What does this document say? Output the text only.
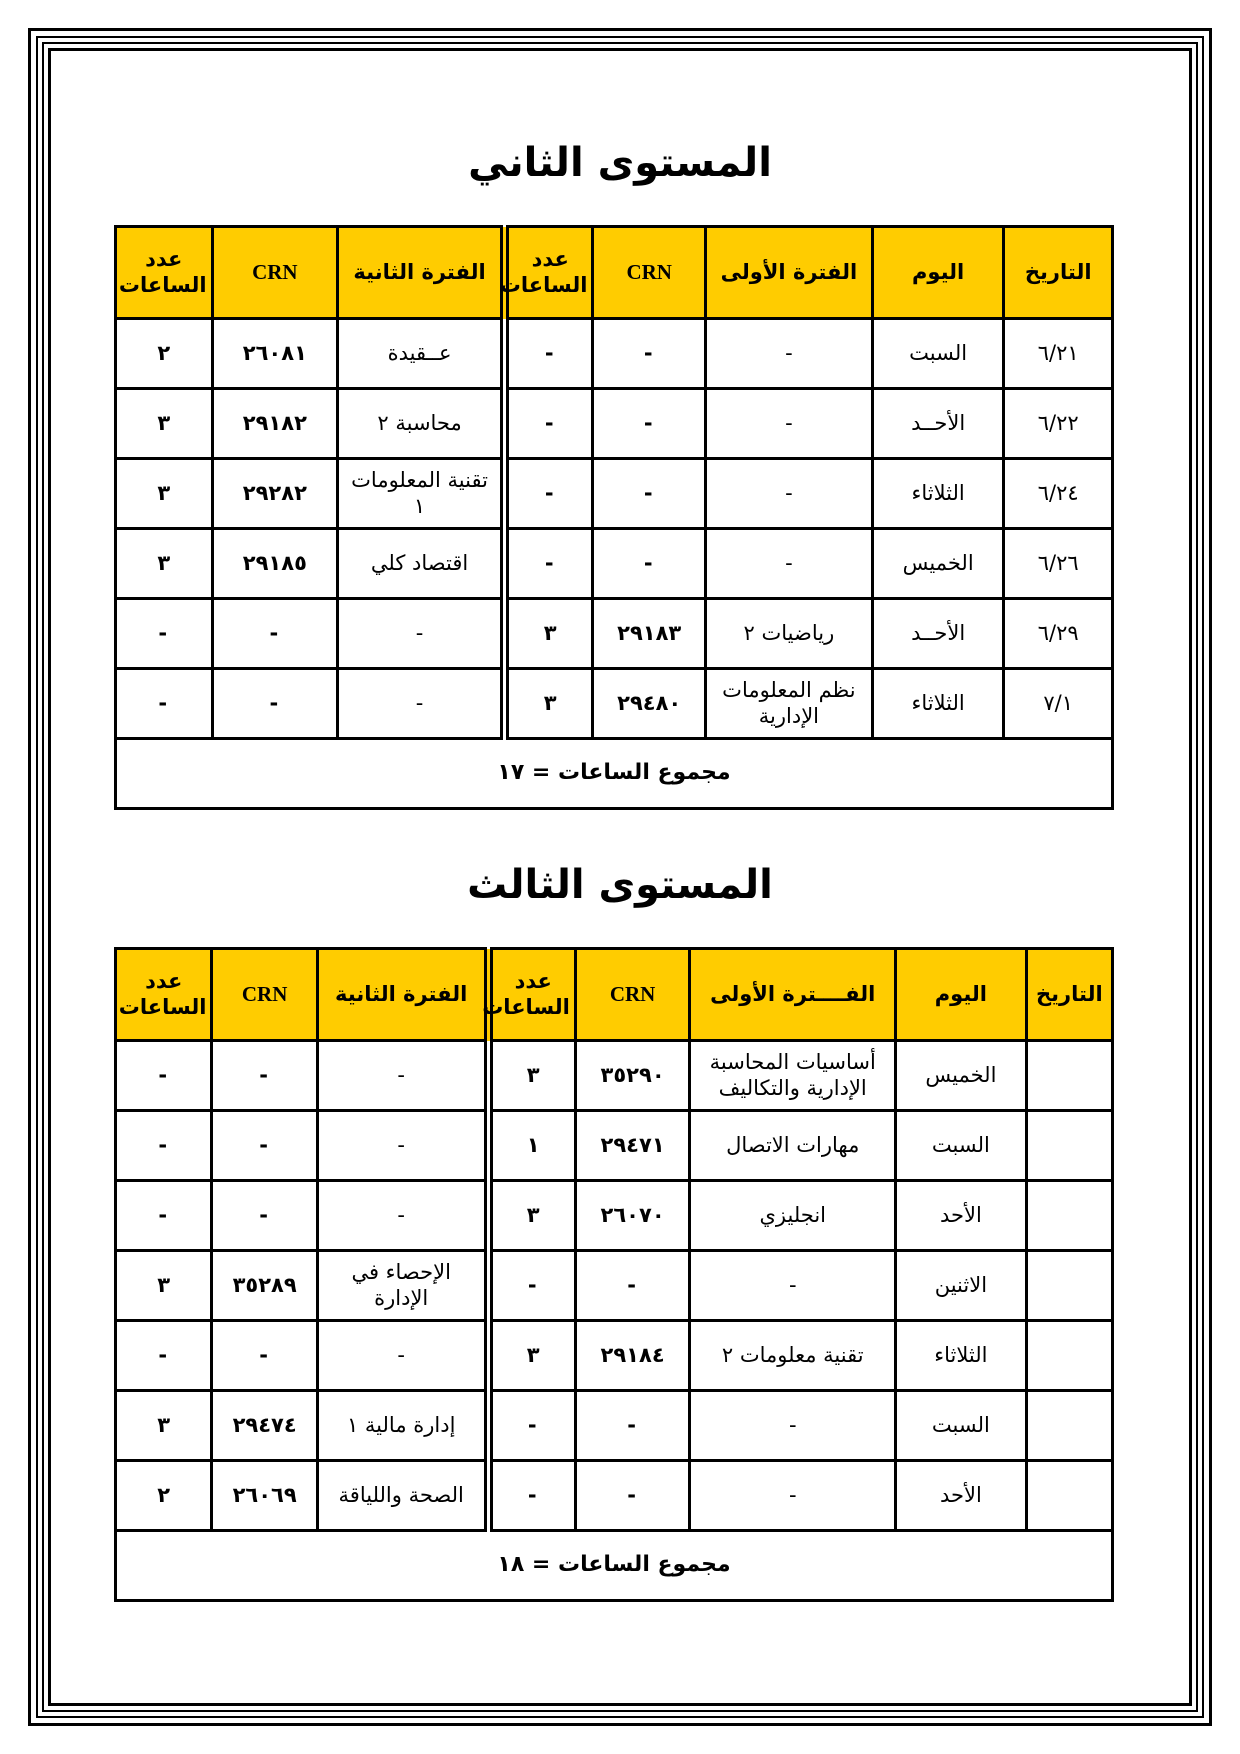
المستوى الثاني
التاريخ	اليوم	الفترة الأولى	CRN	عدد الساعات	الفترة الثانية	CRN	عدد الساعات
٦/٢١	السبت	-	-	-	عــقيدة	٢٦٠٨١	٢
٦/٢٢	الأحــد	-	-	-	محاسبة ٢	٢٩١٨٢	٣
٦/٢٤	الثلاثاء	-	-	-	تقنية المعلومات ١	٢٩٢٨٢	٣
٦/٢٦	الخميس	-	-	-	اقتصاد كلي	٢٩١٨٥	٣
٦/٢٩	الأحــد	رياضيات ٢	٢٩١٨٣	٣	-	-	-
٧/١	الثلاثاء	نظم المعلومات الإدارية	٢٩٤٨٠	٣	-	-	-
مجموع الساعات = ١٧							
المستوى الثالث
التاريخ	اليوم	الفــــترة الأولى	CRN	عدد الساعات	الفترة الثانية	CRN	عدد الساعات
	الخميس	أساسيات المحاسبة الإدارية والتكاليف	٣٥٢٩٠	٣	-	-	-
	السبت	مهارات الاتصال	٢٩٤٧١	١	-	-	-
	الأحد	انجليزي	٢٦٠٧٠	٣	-	-	-
	الاثنين	-	-	-	الإحصاء في الإدارة	٣٥٢٨٩	٣
	الثلاثاء	تقنية معلومات ٢	٢٩١٨٤	٣	-	-	-
	السبت	-	-	-	إدارة مالية ١	٢٩٤٧٤	٣
	الأحد	-	-	-	الصحة واللياقة	٢٦٠٦٩	٢
مجموع الساعات = ١٨							
